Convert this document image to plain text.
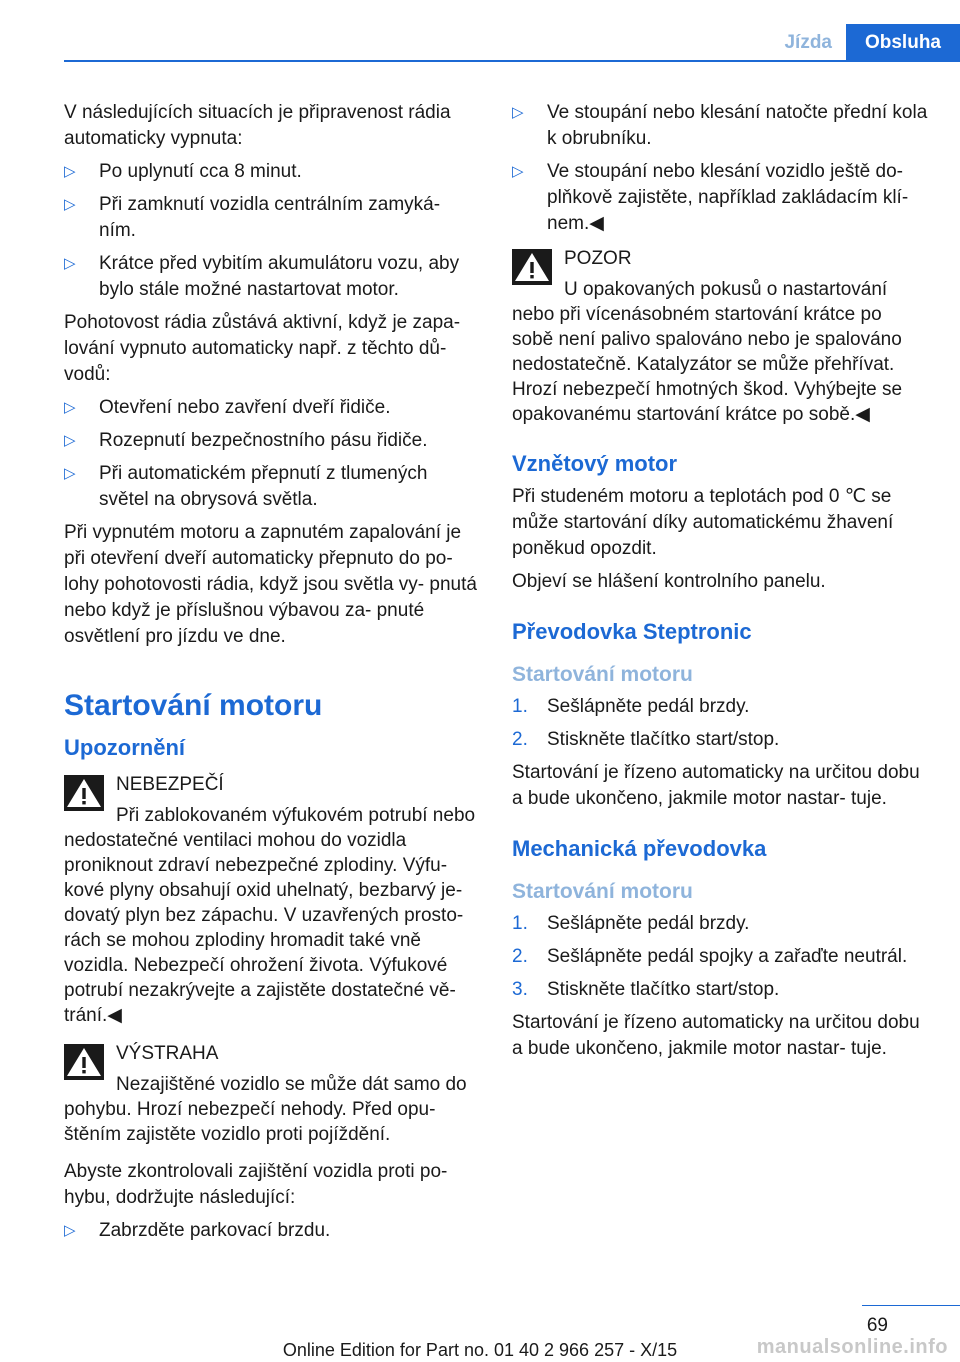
Jízda	Obsluha

V následujících situacích je připravenost rádia automaticky vypnuta:

▷ Po uplynutí cca 8 minut.
▷ Při zamknutí vozidla centrálním zamyká‐ ním.
▷ Krátce před vybitím akumulátoru vozu, aby bylo stále možné nastartovat motor.

Pohotovost rádia zůstává aktivní, když je zapa‐ lování vypnuto automaticky např. z těchto dů‐ vodů:

▷ Otevření nebo zavření dveří řidiče.
▷ Rozepnutí bezpečnostního pásu řidiče.
▷ Při automatickém přepnutí z tlumených světel na obrysová světla.

Při vypnutém motoru a zapnutém zapalování je při otevření dveří automaticky přepnuto do po‐ lohy pohotovosti rádia, když jsou světla vy‐ pnutá nebo když je příslušnou výbavou za‐ pnuté osvětlení pro jízdu ve dne.

Startování motoru
Upozornění
NEBEZPEČÍ

Při zablokovaném výfukovém potrubí nebo nedostatečné ventilaci mohou do vozidla proniknout zdraví nebezpečné zplodiny. Výfu‐ kové plyny obsahují oxid uhelnatý, bezbarvý je‐ dovatý plyn bez zápachu. V uzavřených prosto‐ rách se mohou zplodiny hromadit také vně vozidla. Nebezpečí ohrožení života. Výfukové potrubí nezakrývejte a zajistěte dostatečné vě‐ trání.◀

VÝSTRAHA

Nezajištěné vozidlo se může dát samo do pohybu. Hrozí nebezpečí nehody. Před opu‐ štěním zajistěte vozidlo proti pojíždění.

Abyste zkontrolovali zajištění vozidla proti po‐ hybu, dodržujte následující:

▷ Zabrzděte parkovací brzdu.
▷ Ve stoupání nebo klesání natočte přední kola k obrubníku.
▷ Ve stoupání nebo klesání vozidlo ještě do‐ plňkově zajistěte, například zakládacím klí‐ nem.◀
POZOR

U opakovaných pokusů o nastartování nebo při vícenásobném startování krátce po sobě není palivo spalováno nebo je spalováno nedostatečně. Katalyzátor se může přehřívat. Hrozí nebezpečí hmotných škod. Vyhýbejte se opakovanému startování krátce po sobě.◀

Vznětový motor

Při studeném motoru a teplotách pod 0 ℃ se může startování díky automatickému žhavení poněkud opozdit.

Objeví se hlášení kontrolního panelu.

Převodovka Steptronic
Startování motoru
1. Sešlápněte pedál brzdy.
2. Stiskněte tlačítko start/stop.

Startování je řízeno automaticky na určitou dobu a bude ukončeno, jakmile motor nastar‐ tuje.

Mechanická převodovka
Startování motoru
1. Sešlápněte pedál brzdy.
2. Sešlápněte pedál spojky a zařaďte neutrál.
3. Stiskněte tlačítko start/stop.

Startování je řízeno automaticky na určitou dobu a bude ukončeno, jakmile motor nastar‐ tuje.

69
Online Edition for Part no. 01 40 2 966 257 - X/15	manualsonline.info
